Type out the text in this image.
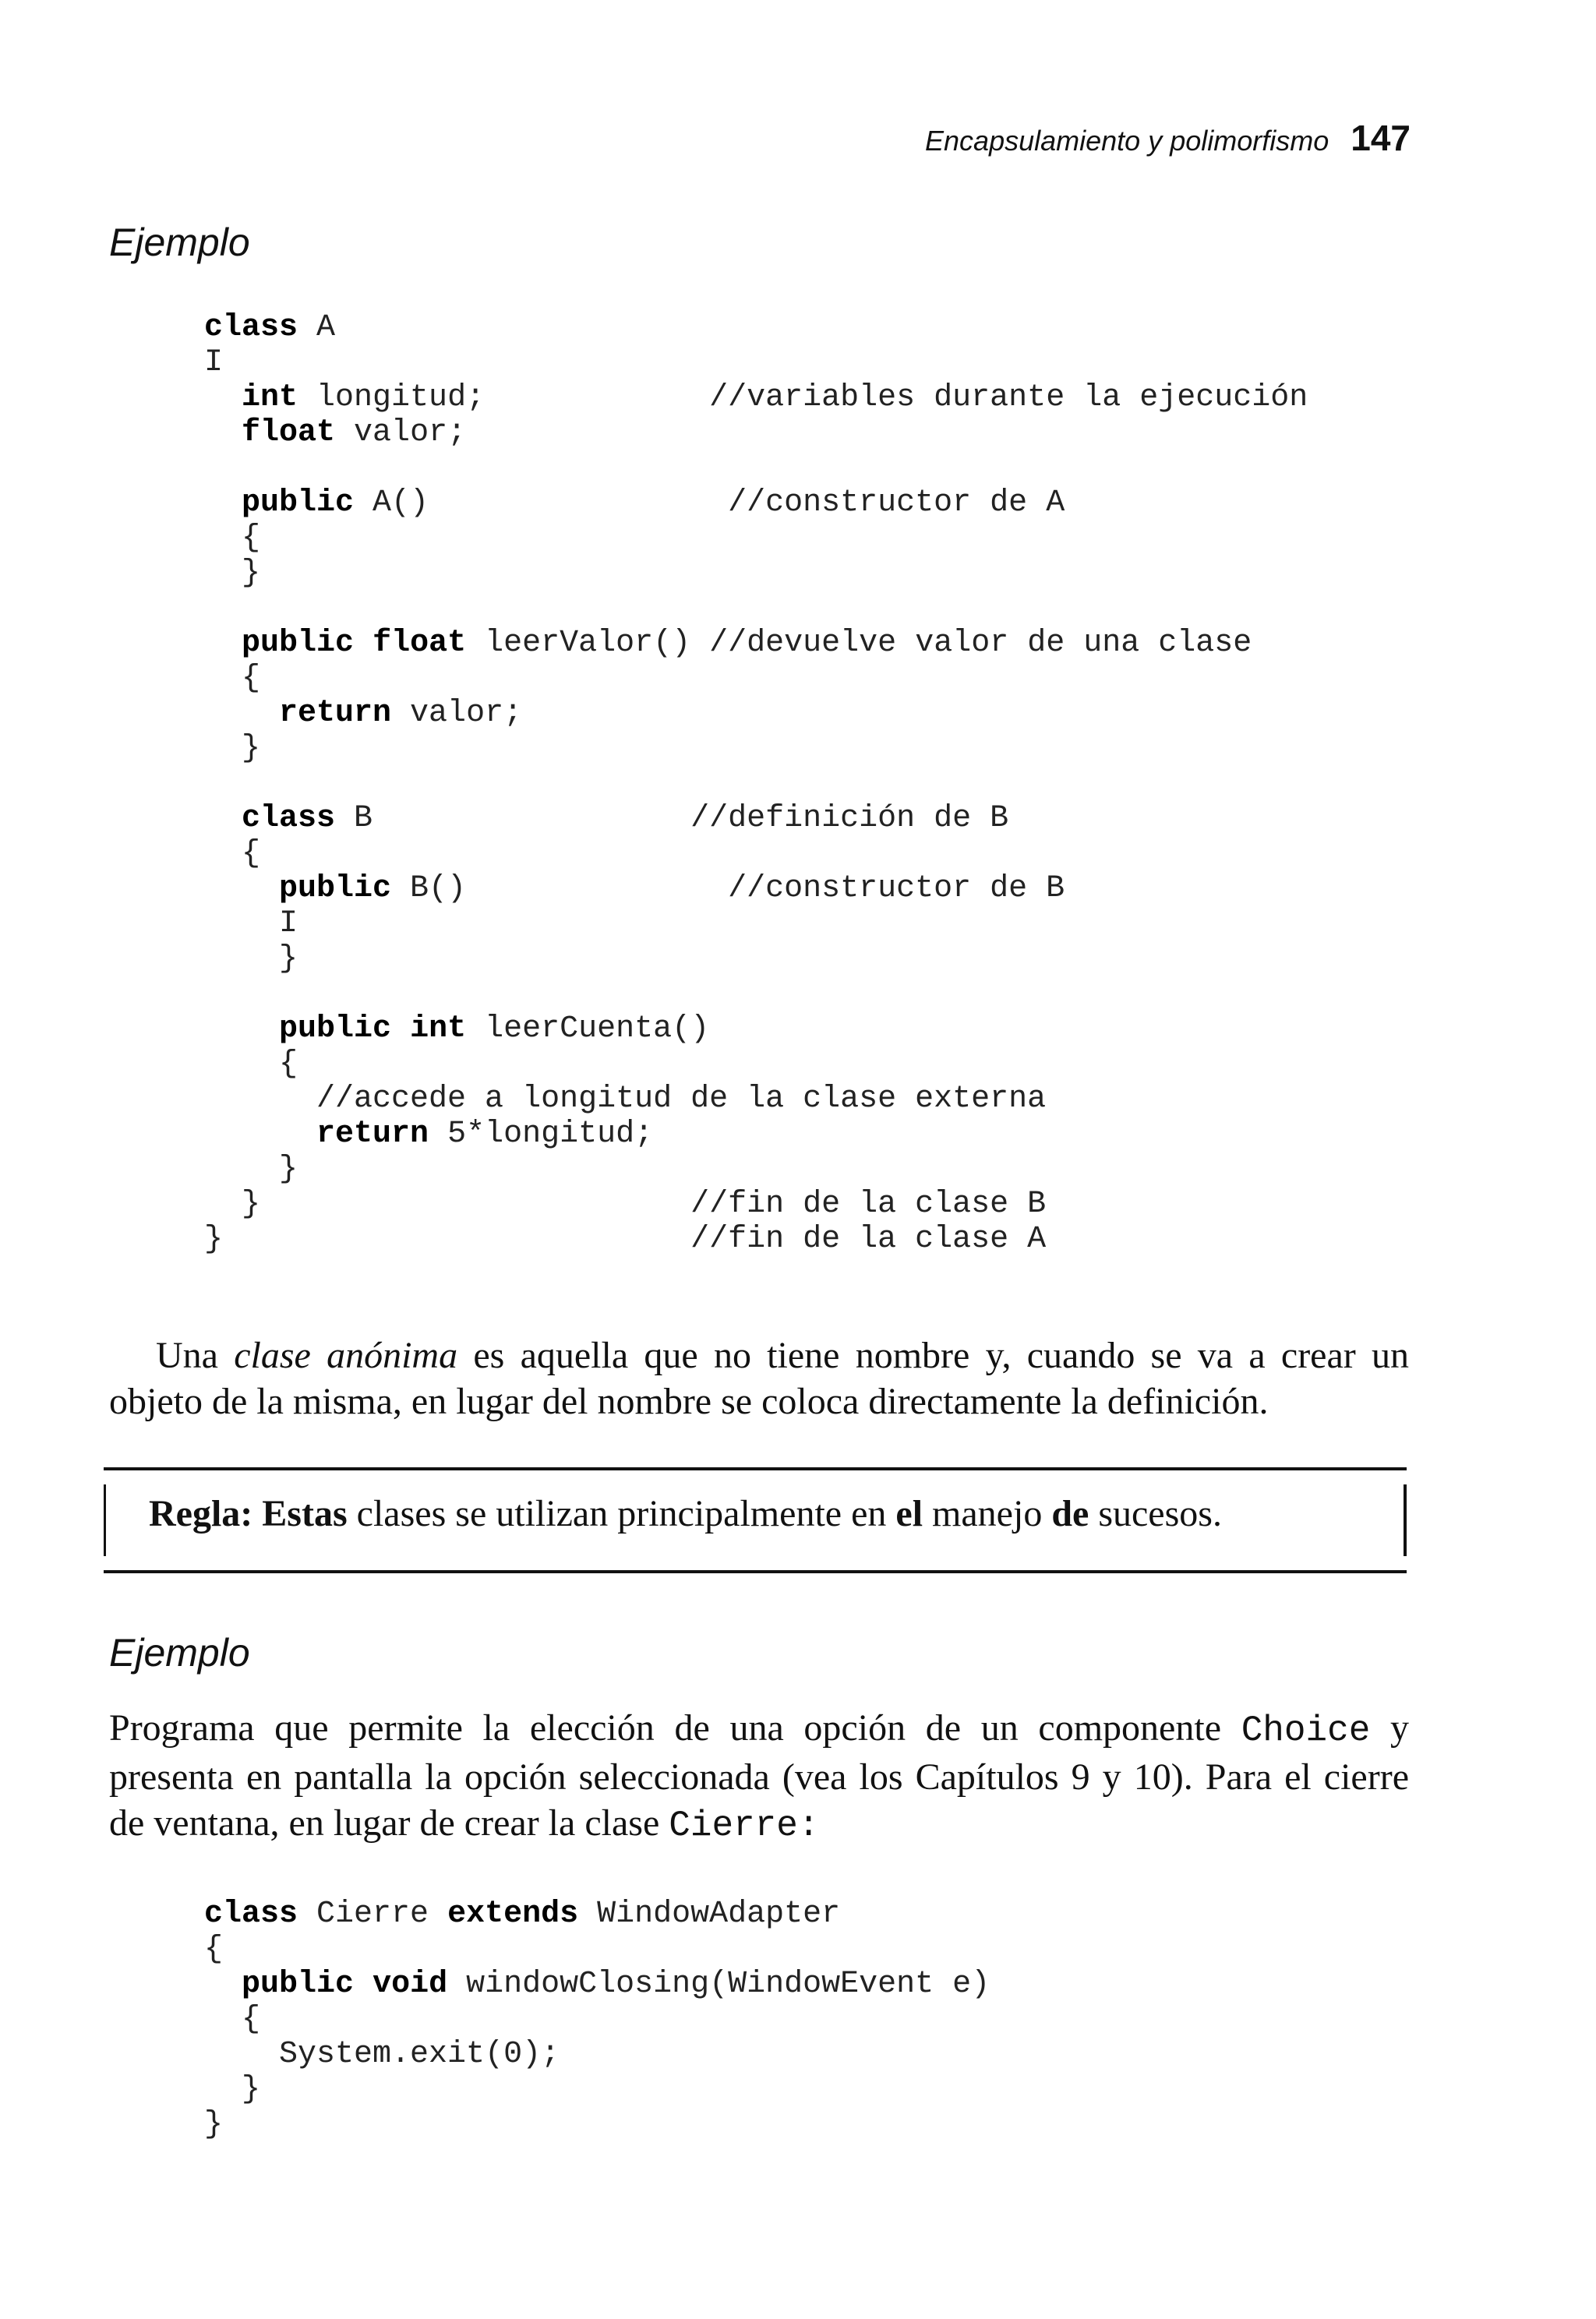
Encapsulamiento y polimorfismo 147
Ejemplo
class A
I
int longitud;            //variables durante la ejecución
float valor;

public A()                //constructor de A
{
}

public float leerValor() //devuelve valor de una clase
{
return valor;
}

class B                 //definición de B
{
public B()              //constructor de B
I
}

public int leerCuenta()
{
//accede a longitud de la clase externa
return 5*longitud;
}
}                       //fin de la clase B
}                         //fin de la clase A
Una clase anónima es aquella que no tiene nombre y, cuando se va a crear un objeto de la misma, en lugar del nombre se coloca directamente la definición.
Regla: Estas clases se utilizan principalmente en el manejo de sucesos.
Ejemplo
Programa que permite la elección de una opción de un componente Choice y presenta en pantalla la opción seleccionada (vea los Capítulos 9 y 10). Para el cierre de ventana, en lugar de crear la clase Cierre:
class Cierre extends WindowAdapter
{
public void windowClosing(WindowEvent e)
{
System.exit(0);
}
}
